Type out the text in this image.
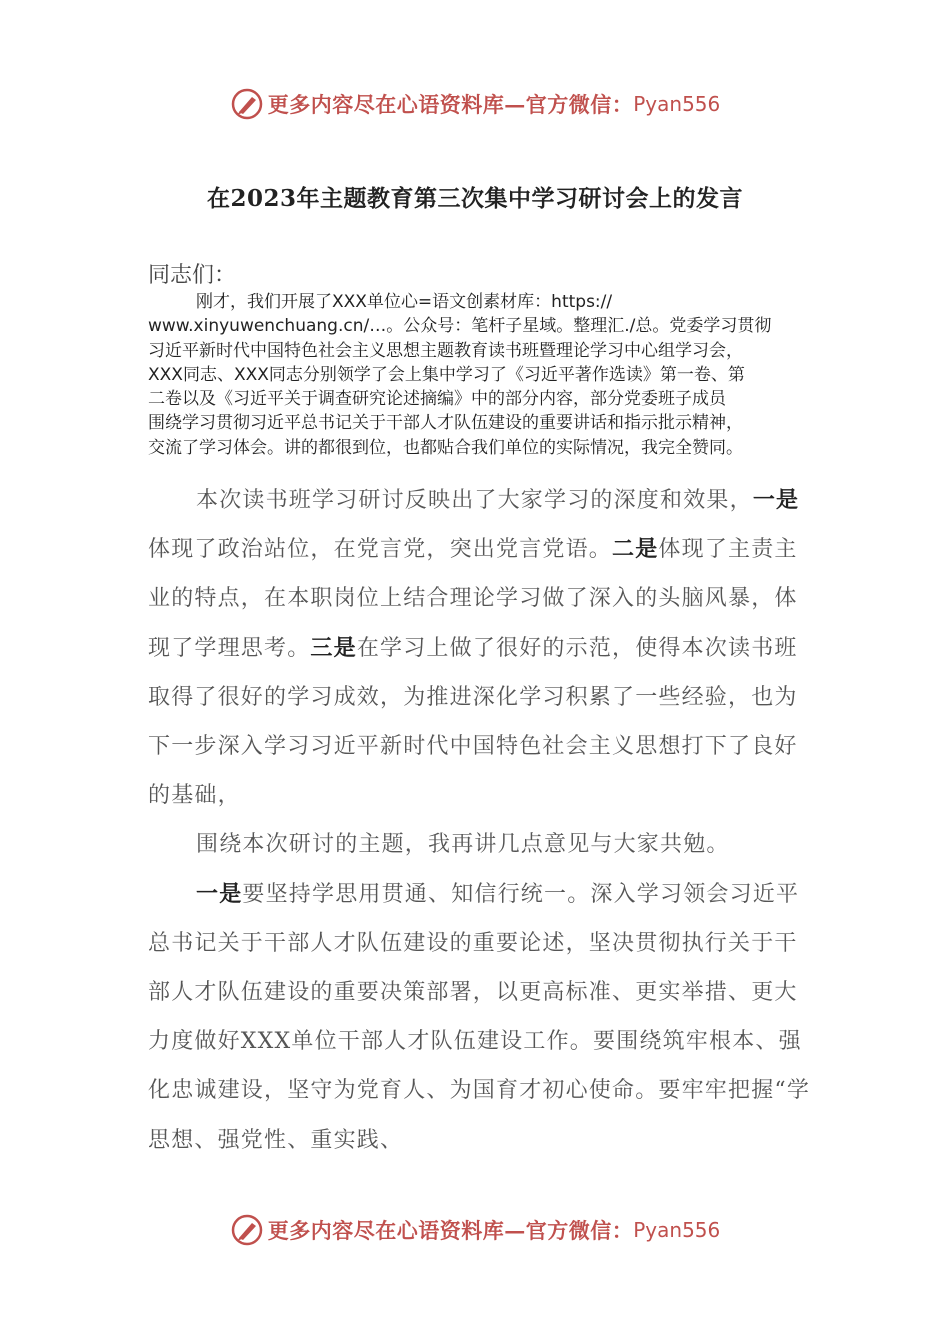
更多内容尽在心语资料库—官方微信： Pyan556
在2023年主题教育第三次集中学习研讨会上的发言
同志们：

刚才，我们开展了XXX单位心=语文创素材库：https://

www.xinyuwenchuang.cn/…。公众号：笔杆子星域。整理汇./总。党委学习贯彻

习近平新时代中国特色社会主义思想主题教育读书班暨理论学习中心组学习会，

XXX同志、XXX同志分别领学了会上集中学习了《习近平著作选读》第一卷、第

二卷以及《习近平关于调查研究论述摘编》中的部分内容，部分党委班子成员

围绕学习贯彻习近平总书记关于干部人才队伍建设的重要讲话和指示批示精神，

交流了学习体会。讲的都很到位，也都贴合我们单位的实际情况，我完全赞同。

本次读书班学习研讨反映出了大家学习的深度和效果，一是体现了政治站位，在党言党，突出党言党语。二是体现了主责主业的特点，在本职岗位上结合理论学习做了深入的头脑风暴，体现了学理思考。三是在学习上做了很好的示范，使得本次读书班取得了很好的学习成效，为推进深化学习积累了一些经验，也为下一步深入学习习近平新时代中国特色社会主义思想打下了良好的基础，

围绕本次研讨的主题，我再讲几点意见与大家共勉。

一是要坚持学思用贯通、知信行统一。深入学习领会习近平总书记关于干部人才队伍建设的重要论述，坚决贯彻执行关于干部人才队伍建设的重要决策部署，以更高标准、更实举措、更大力度做好XXX单位干部人才队伍建设工作。要围绕筑牢根本、强化忠诚建设，坚守为党育人、为国育才初心使命。要牢牢把握“学思想、强党性、重实践、

更多内容尽在心语资料库—官方微信： Pyan556
